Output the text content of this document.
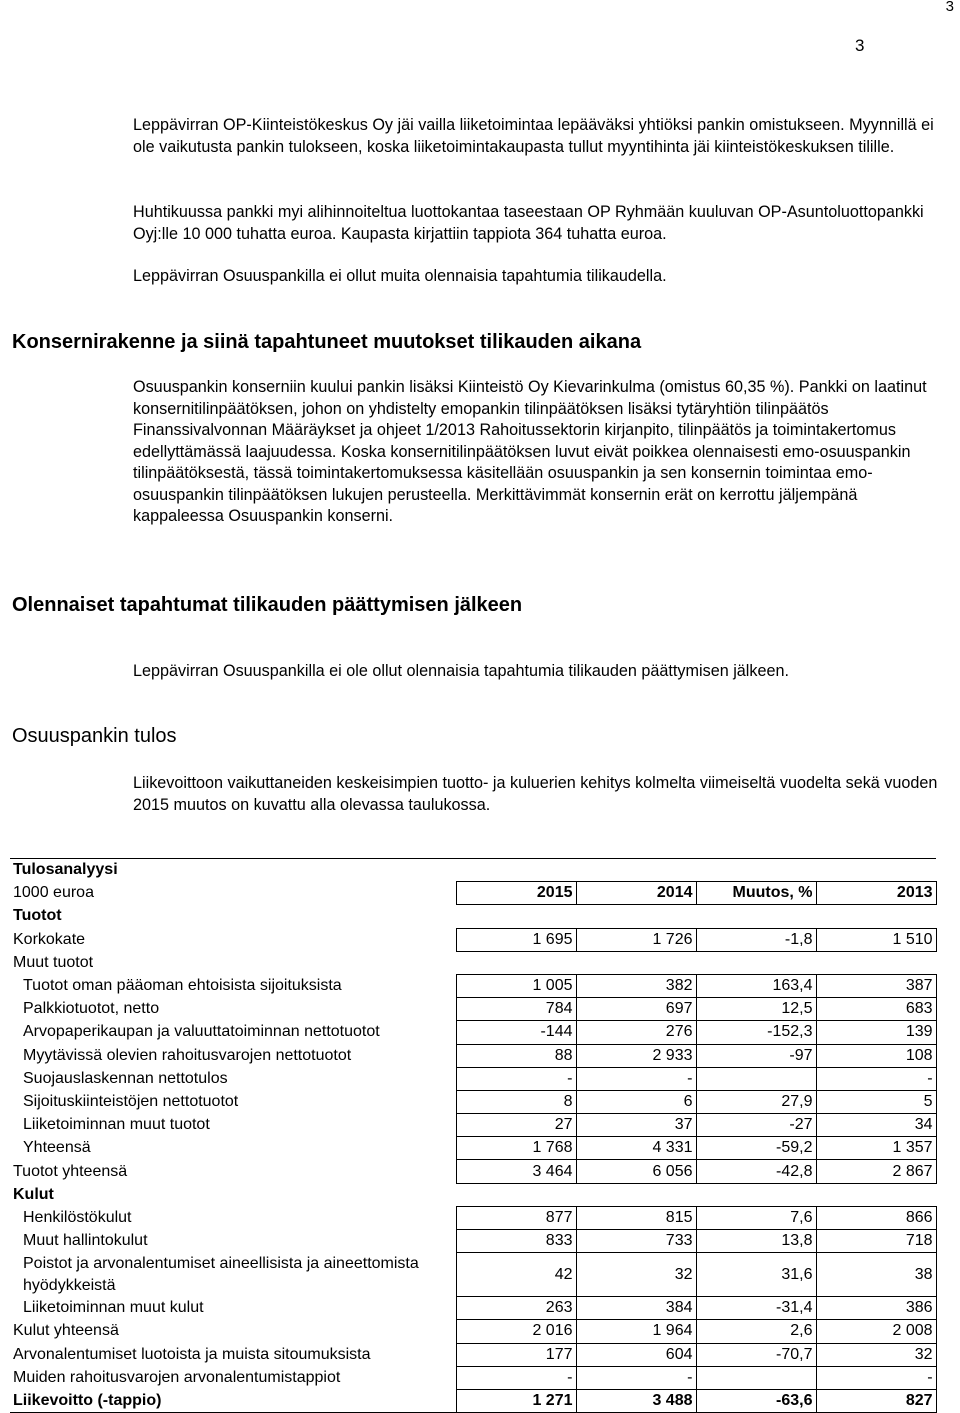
3
3
Leppävirran OP-Kiinteistökeskus Oy jäi vailla liiketoimintaa lepääväksi yhtiöksi pankin omistukseen. Myynnillä ei ole vaikutusta pankin tulokseen, koska liiketoimintakaupasta tullut myyntihinta jäi kiinteistökeskuksen tilille.
Huhtikuussa pankki myi alihinnoiteltua luottokantaa taseestaan OP Ryhmään kuuluvan OP-Asuntoluottopankki Oyj:lle 10 000 tuhatta euroa. Kaupasta kirjattiin tappiota 364 tuhatta euroa.
Leppävirran Osuuspankilla ei ollut muita olennaisia tapahtumia tilikaudella.
Konsernirakenne ja siinä tapahtuneet muutokset tilikauden aikana
Osuuspankin konserniin kuului pankin lisäksi Kiinteistö Oy Kievarinkulma (omistus 60,35 %). Pankki on laatinut konsernitilinpäätöksen, johon on yhdistelty emopankin tilinpäätöksen lisäksi tytäryhtiön tilinpäätös Finanssivalvonnan Määräykset ja ohjeet 1/2013 Rahoitussektorin kirjanpito, tilinpäätös ja toimintakertomus edellyttämässä laajuudessa. Koska konsernitilinpäätöksen luvut eivät poikkea olennaisesti emo-osuuspankin tilinpäätöksestä, tässä toimintakertomuksessa käsitellään osuuspankin ja sen konsernin toimintaa emo-osuuspankin tilinpäätöksen lukujen perusteella. Merkittävimmät konsernin erät on kerrottu jäljempänä kappaleessa Osuuspankin konserni.
Olennaiset tapahtumat tilikauden päättymisen jälkeen
Leppävirran Osuuspankilla ei ole ollut olennaisia tapahtumia tilikauden päättymisen jälkeen.
Osuuspankin tulos
Liikevoittoon vaikuttaneiden keskeisimpien tuotto- ja kuluerien kehitys kolmelta viimeiseltä vuodelta sekä vuoden 2015 muutos on kuvattu alla olevassa taulukossa.
Tulosanalyysi				
1000 euroa	2015	2014	Muutos, %	2013
Tuotot				
Korkokate	1 695	1 726	-1,8	1 510
Muut tuotot				
Tuotot oman pääoman ehtoisista sijoituksista	1 005	382	163,4	387
Palkkiotuotot, netto	784	697	12,5	683
Arvopaperikaupan ja valuuttatoiminnan nettotuotot	-144	276	-152,3	139
Myytävissä olevien rahoitusvarojen nettotuotot	88	2 933	-97	108
Suojauslaskennan nettotulos	-	-		-
Sijoituskiinteistöjen nettotuotot	8	6	27,9	5
Liiketoiminnan muut tuotot	27	37	-27	34
Yhteensä	1 768	4 331	-59,2	1 357
Tuotot yhteensä	3 464	6 056	-42,8	2 867
Kulut				
Henkilöstökulut	877	815	7,6	866
Muut hallintokulut	833	733	13,8	718
Poistot ja arvonalentumiset aineellisista ja aineettomista hyödykkeistä	42	32	31,6	38
Liiketoiminnan muut kulut	263	384	-31,4	386
Kulut yhteensä	2 016	1 964	2,6	2 008
Arvonalentumiset luotoista ja muista sitoumuksista	177	604	-70,7	32
Muiden rahoitusvarojen arvonalentumistappiot	-	-		-
Liikevoitto (-tappio)	1 271	3 488	-63,6	827
